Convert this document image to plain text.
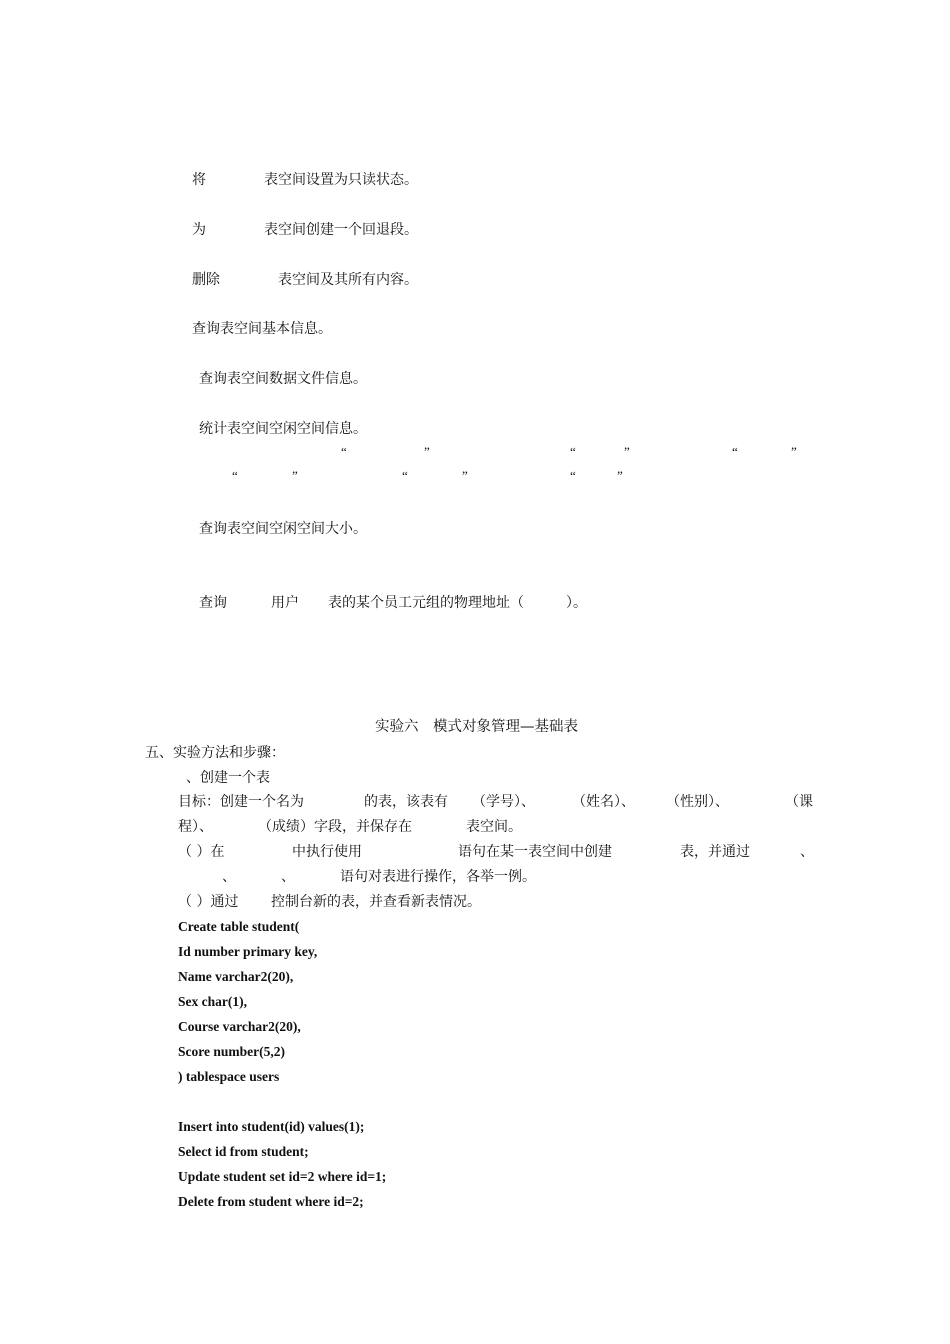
将	表空间设置为只读状态。
为	表空间创建一个回退段。
删除	表空间及其所有内容。
查询表空间基本信息。
查询表空间数据文件信息。
统计表空间空闲空间信息。
“	”	“	”	“	”
“	”	“	”	“	”
查询表空间空闲空间大小。
查询	用户 表的某个员工元组的物理地址（	）。
实验六　模式对象管理—基础表
五、实验方法和步骤：
、创建一个表
目标：创建一个名为	的表，该表有 （学号）、	（姓名）、 （性别）、	（课
程）、	（成绩）字段，并保存在	表空间。
（ ）在	中执行使用	语句在某一表空间中创建	表，并通过	、
、	、	语句对表进行操作，各举一例。
（ ）通过 控制台新的表，并查看新表情况。
Create table student(
Id number primary key,
Name varchar2(20),
Sex char(1),
Course varchar2(20),
Score number(5,2)
) tablespace users
Insert into student(id) values(1);
Select id from student;
Update student set id=2 where id=1;
Delete from student where id=2;
